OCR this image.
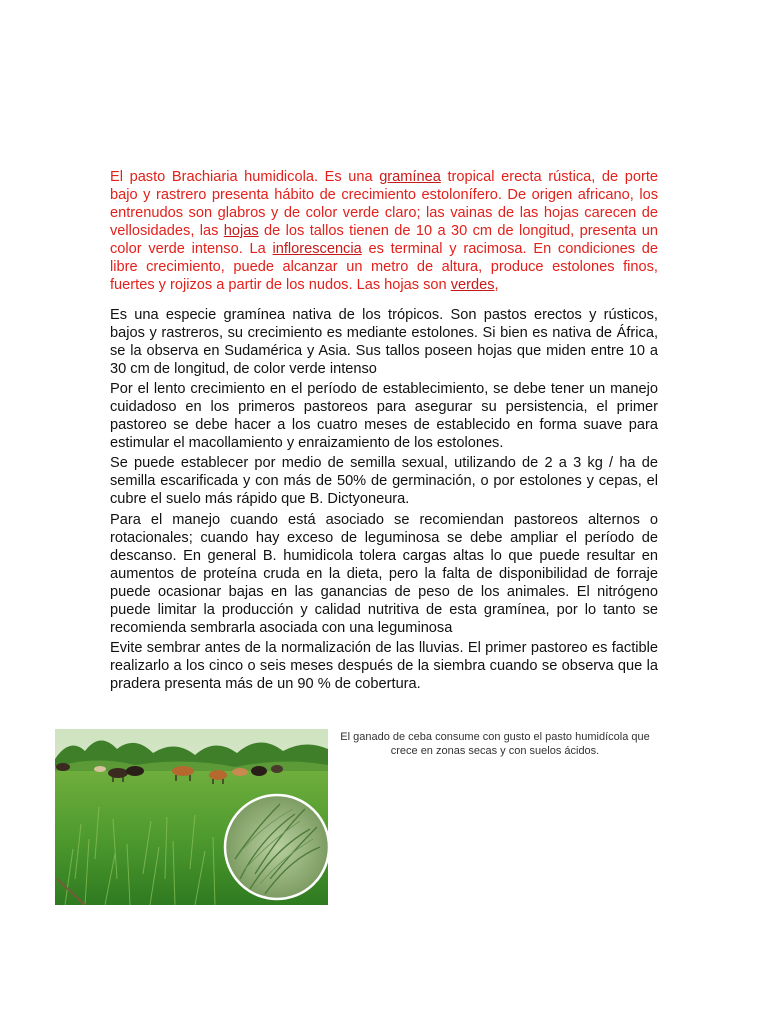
El pasto Brachiaria humidicola. Es una gramínea tropical erecta rústica, de porte bajo y rastrero presenta hábito de crecimiento estolonífero. De origen africano, los entrenudos son glabros y de color verde claro; las vainas de las hojas carecen de vellosidades, las hojas de los tallos tienen de 10 a 30 cm de longitud, presenta un color verde intenso. La inflorescencia es terminal y racimosa. En condiciones de libre crecimiento, puede alcanzar un metro de altura, produce estolones finos, fuertes y rojizos a partir de los nudos. Las hojas son verdes,

Es una especie gramínea nativa de los trópicos. Son pastos erectos y rústicos, bajos y rastreros, su crecimiento es mediante estolones. Si bien es nativa de África, se la observa en Sudamérica y Asia. Sus tallos poseen hojas que miden entre 10 a 30 cm de longitud, de color verde intenso

Por el lento crecimiento en el período de establecimiento, se debe tener un manejo cuidadoso en los primeros pastoreos para asegurar su persistencia, el primer pastoreo se debe hacer a los cuatro meses de establecido en forma suave para estimular el macollamiento y enraizamiento de los estolones.

Se puede establecer por medio de semilla sexual, utilizando de 2 a 3 kg / ha de semilla escarificada y con más de 50% de germinación, o por estolones y cepas, el cubre el suelo más rápido que B. Dictyoneura.

Para el manejo cuando está asociado se recomiendan pastoreos alternos o rotacionales; cuando hay exceso de leguminosa se debe ampliar el período de descanso. En general B. humidicola tolera cargas altas lo que puede resultar en aumentos de proteína cruda en la dieta, pero la falta de disponibilidad de forraje puede ocasionar bajas en las ganancias de peso de los animales. El nitrógeno puede limitar la producción y calidad nutritiva de esta gramínea, por lo tanto se recomienda sembrarla asociada con una leguminosa

Evite sembrar antes de la normalización de las lluvias. El primer pastoreo es factible realizarlo a los cinco o seis meses después de la siembra cuando se observa que la pradera presenta más de un 90 % de cobertura.

El ganado de ceba consume con gusto el pasto humidícola que crece en zonas secas y con suelos ácidos.
